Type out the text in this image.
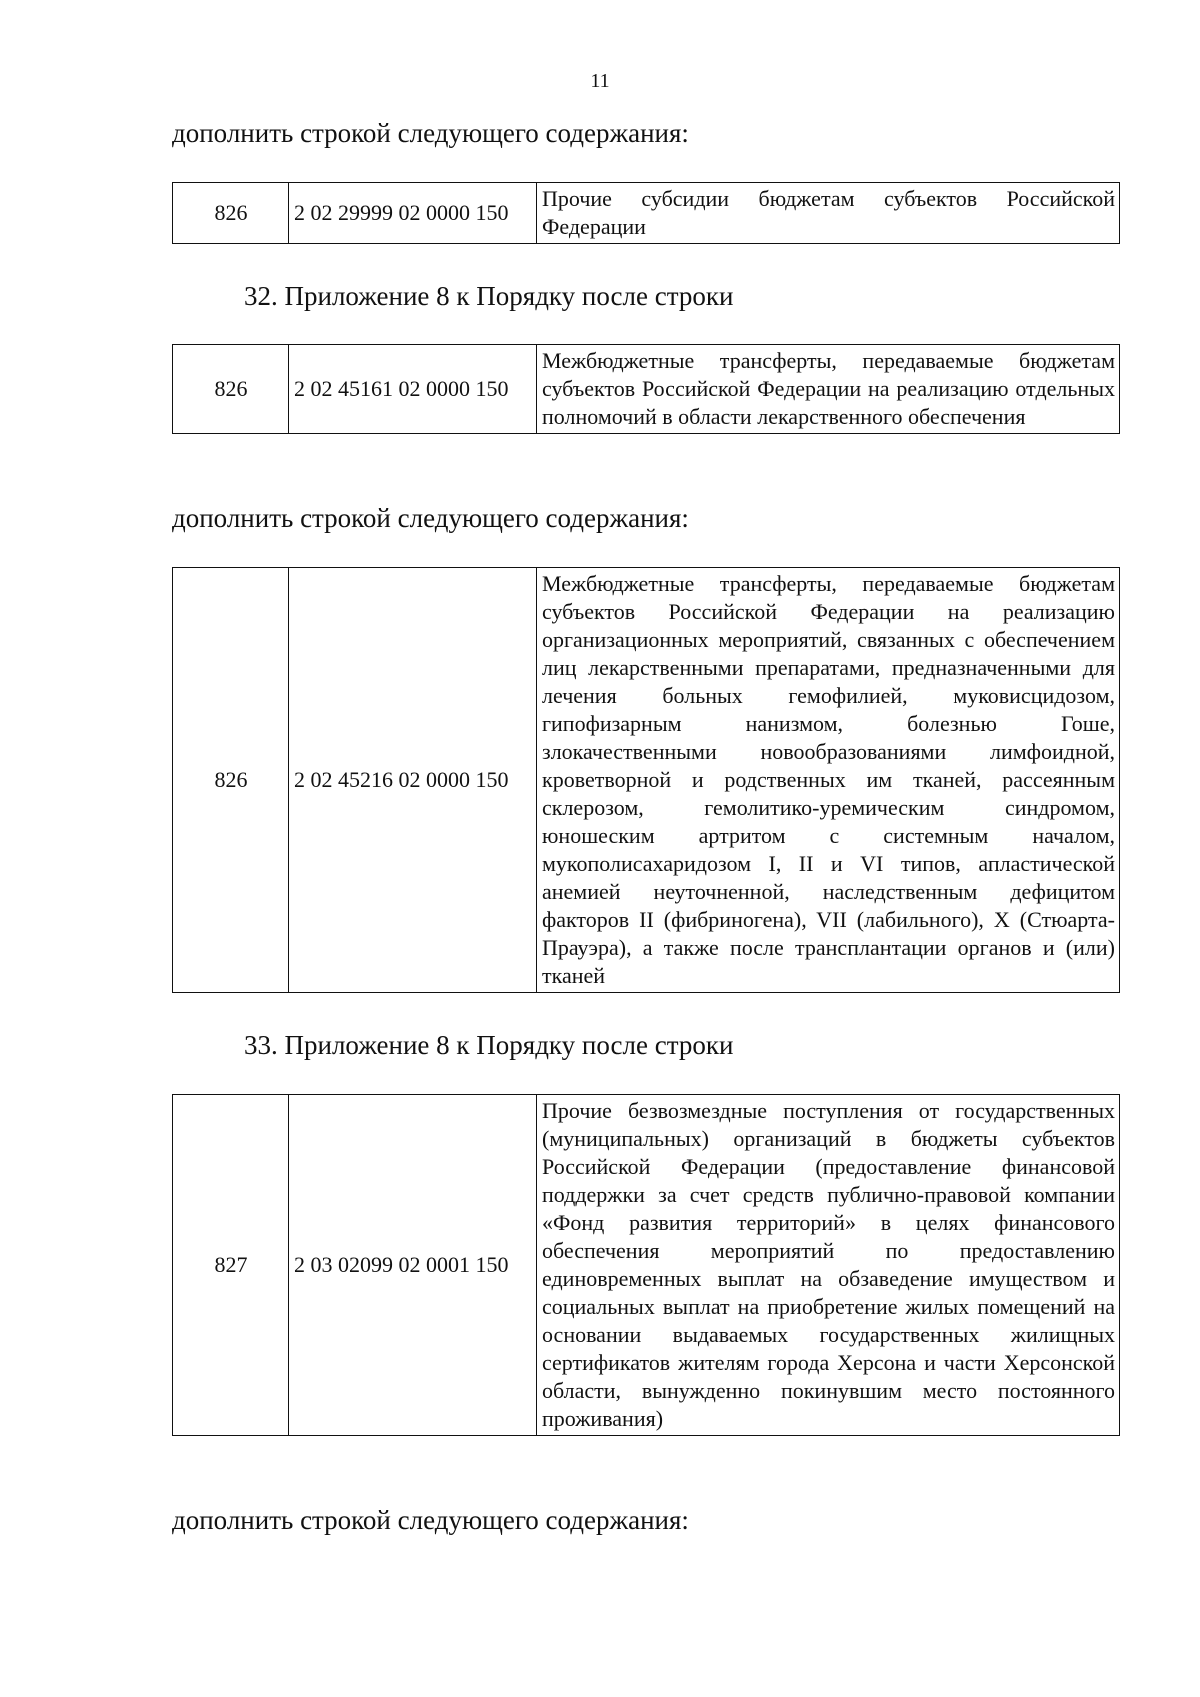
11
дополнить строкой следующего содержания:
826	2 02 29999 02 0000 150	Прочие субсидии бюджетам субъектов Российской Федерации
32. Приложение 8 к Порядку после строки
826	2 02 45161 02 0000 150	Межбюджетные трансферты, передаваемые бюджетам субъектов Российской Федерации на реализацию отдельных полномочий в области лекарственного обеспечения
дополнить строкой следующего содержания:
826	2 02 45216 02 0000 150	Межбюджетные трансферты, передаваемые бюджетам субъектов Российской Федерации на реализацию организационных мероприятий, связанных с обеспечением лиц лекарственными препаратами, предназначенными для лечения больных гемофилией, муковисцидозом, гипофизарным нанизмом, болезнью Гоше, злокачественными новообразованиями лимфоидной, кроветворной и родственных им тканей, рассеянным склерозом, гемолитико-уремическим синдромом, юношеским артритом с системным началом, мукополисахаридозом I, II и VI типов, апластической анемией неуточненной, наследственным дефицитом факторов II (фибриногена), VII (лабильного), X (Стюарта-Прауэра), а также после трансплантации органов и (или) тканей
33. Приложение 8 к Порядку после строки
827	2 03 02099 02 0001 150	Прочие безвозмездные поступления от государственных (муниципальных) организаций в бюджеты субъектов Российской Федерации (предоставление финансовой поддержки за счет средств публично-правовой компании «Фонд развития территорий» в целях финансового обеспечения мероприятий по предоставлению единовременных выплат на обзаведение имуществом и социальных выплат на приобретение жилых помещений на основании выдаваемых государственных жилищных сертификатов жителям города Херсона и части Херсонской области, вынужденно покинувшим место постоянного проживания)
дополнить строкой следующего содержания:
